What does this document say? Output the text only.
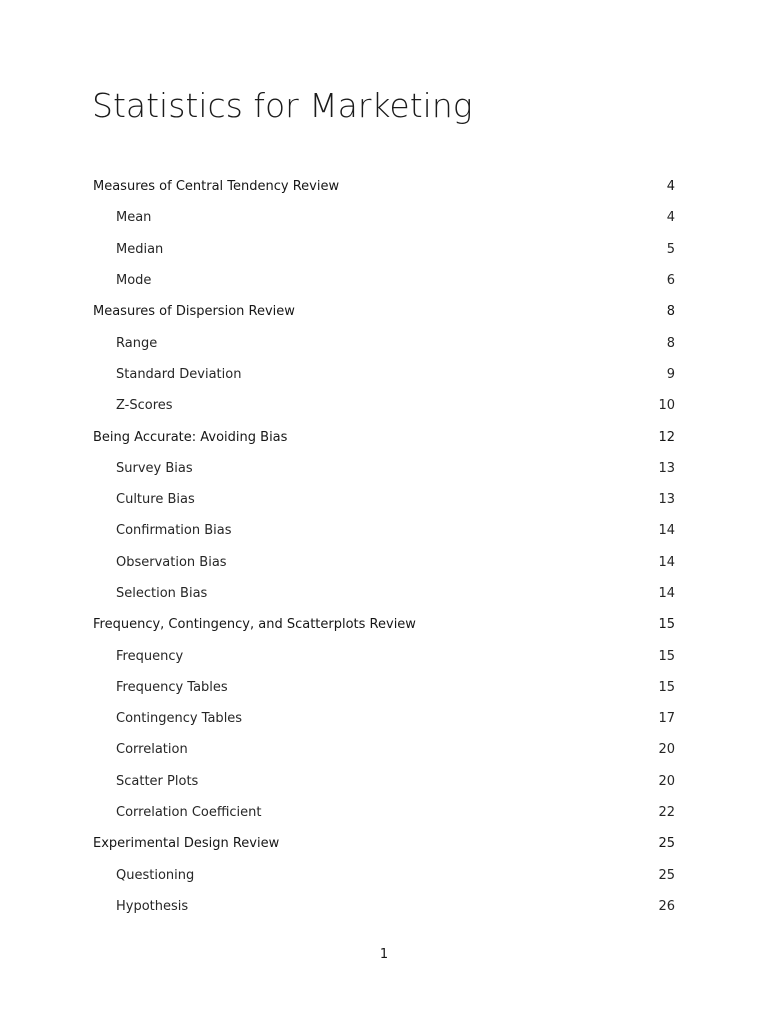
Statistics for Marketing
Measures of Central Tendency Review	4
Mean	4
Median	5
Mode	6
Measures of Dispersion Review	8
Range	8
Standard Deviation	9
Z-Scores	10
Being Accurate: Avoiding Bias	12
Survey Bias	13
Culture Bias	13
Confirmation Bias	14
Observation Bias	14
Selection Bias	14
Frequency, Contingency, and Scatterplots Review	15
Frequency	15
Frequency Tables	15
Contingency Tables	17
Correlation	20
Scatter Plots	20
Correlation Coefficient	22
Experimental Design Review	25
Questioning	25
Hypothesis	26
1
